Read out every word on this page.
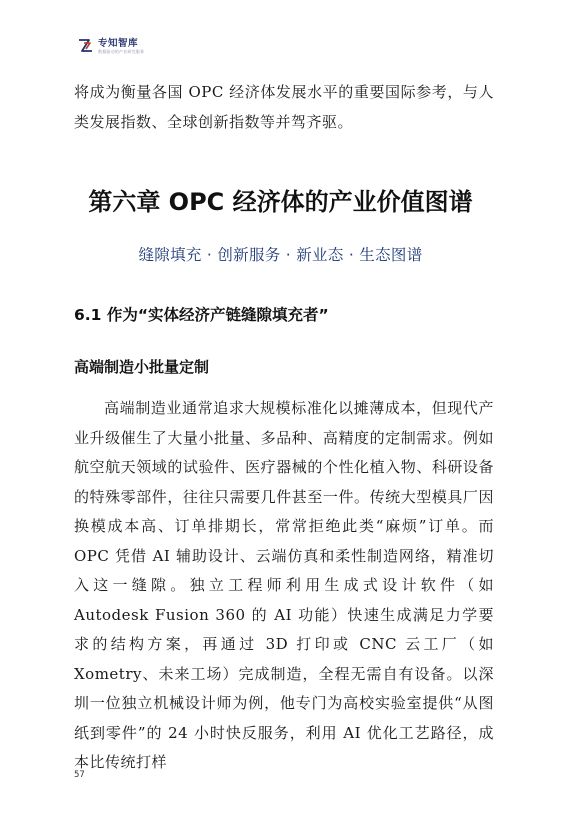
专知智库
数据驱动的产业研究服务

将成为衡量各国 OPC 经济体发展水平的重要国际参考，与人类发展指数、全球创新指数等并驾齐驱。

第六章 OPC 经济体的产业价值图谱

缝隙填充 · 创新服务 · 新业态 · 生态图谱

6.1 作为“实体经济产链缝隙填充者”
高端制造小批量定制

高端制造业通常追求大规模标准化以摊薄成本，但现代产业升级催生了大量小批量、多品种、高精度的定制需求。例如航空航天领域的试验件、医疗器械的个性化植入物、科研设备的特殊零部件，往往只需要几件甚至一件。传统大型模具厂因换模成本高、订单排期长，常常拒绝此类“麻烦”订单。而 OPC 凭借 AI 辅助设计、云端仿真和柔性制造网络，精准切入这一缝隙。独立工程师利用生成式设计软件（如 Autodesk Fusion 360 的 AI 功能）快速生成满足力学要求的结构方案，再通过 3D 打印或 CNC 云工厂（如 Xometry、未来工场）完成制造，全程无需自有设备。以深圳一位独立机械设计师为例，他专门为高校实验室提供“从图纸到零件”的 24 小时快反服务，利用 AI 优化工艺路径，成本比传统打样

57
